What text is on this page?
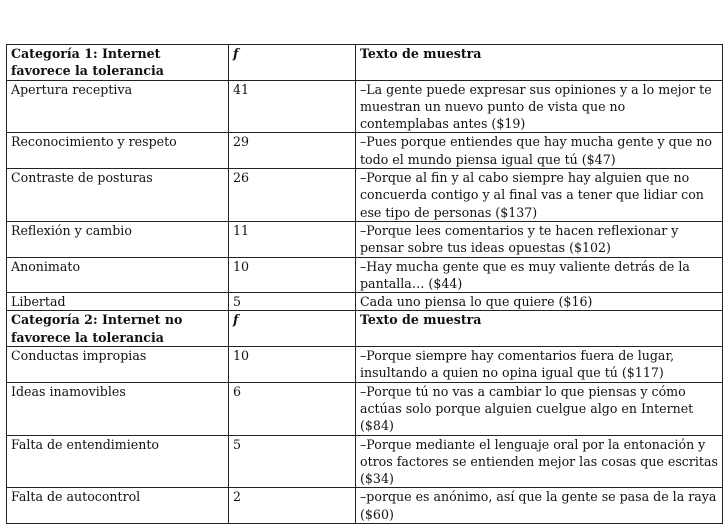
Categoría 1: Internet favorece la tolerancia	f	Texto de muestra
Apertura receptiva	41	–La gente puede expresar sus opiniones y a lo mejor te muestran un nuevo punto de vista que no contemplabas antes ($19)
Reconocimiento y respeto	29	–Pues porque entiendes que hay mucha gente y que no todo el mundo piensa igual que tú ($47)
Contraste de posturas	26	–Porque al fin y al cabo siempre hay alguien que no concuerda contigo y al final vas a tener que lidiar con ese tipo de personas ($137)
Reflexión y cambio	11	–Porque lees comentarios y te hacen reflexionar y pensar sobre tus ideas opuestas ($102)
Anonimato	10	–Hay mucha gente que es muy valiente detrás de la pantalla… ($44)
Libertad	5	Cada uno piensa lo que quiere ($16)
Categoría 2: Internet no favorece la tolerancia	f	Texto de muestra
Conductas impropias	10	–Porque siempre hay comentarios fuera de lugar, insultando a quien no opina igual que tú ($117)
Ideas inamovibles	6	–Porque tú no vas a cambiar lo que piensas y cómo actúas solo porque alguien cuelgue algo en Internet ($84)
Falta de entendimiento	5	–Porque mediante el lenguaje oral por la entonación y otros factores se entienden mejor las cosas que escritas ($34)
Falta de autocontrol	2	–porque es anónimo, así que la gente se pasa de la raya ($60)
